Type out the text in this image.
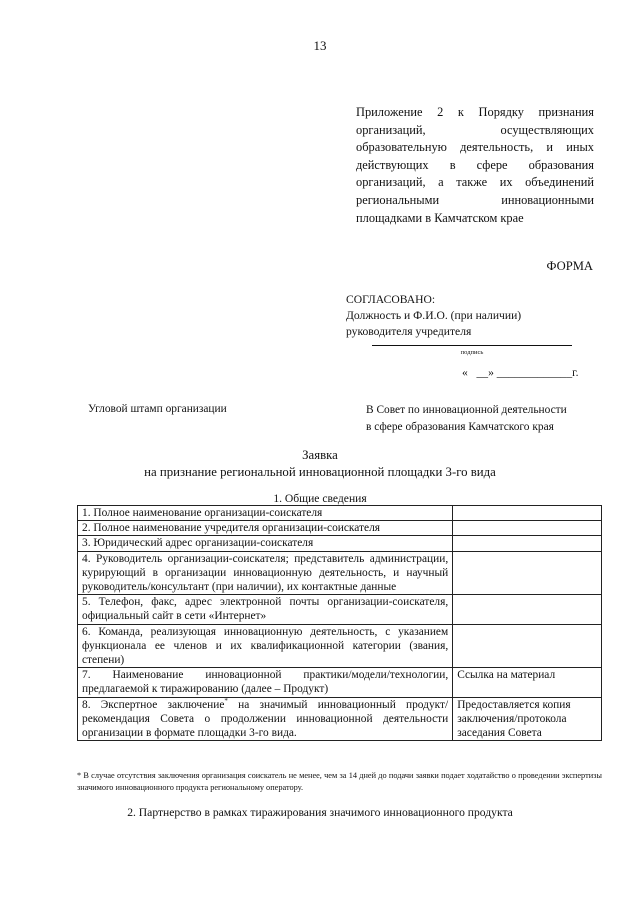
13
Приложение 2 к Порядку признания организаций, осуществляющих образовательную деятельность, и иных действующих в сфере образования организаций, а также их объединений региональными инновационными площадками в Камчатском крае
ФОРМА
СОГЛАСОВАНО:
Должность и Ф.И.О. (при наличии)
руководителя учредителя
подпись
«   __» _____________г.
Угловой штамп организации	В Совет по инновационной деятельности
в сфере образования Камчатского края
Заявка
на признание региональной инновационной площадки 3-го вида
1. Общие сведения
1. Полное наименование организации-соискателя	
2. Полное наименование учредителя организации-соискателя	
3. Юридический адрес организации-соискателя	
4. Руководитель организации-соискателя; представитель администрации, курирующий в организации инновационную деятельность, и научный руководитель/консультант (при наличии), их контактные данные	
5. Телефон, факс, адрес электронной почты организации-соискателя, официальный сайт в сети «Интернет»	
6. Команда, реализующая инновационную деятельность, с указанием функционала ее членов и их квалификационной категории (звания, степени)	
7. Наименование инновационной практики/модели/технологии, предлагаемой к тиражированию (далее – Продукт)	Ссылка на материал
8. Экспертное заключение* на значимый инновационный продукт/рекомендация Совета о продолжении инновационной деятельности организации в формате площадки 3-го вида.	Предоставляется копия заключения/протокола заседания Совета
* В случае отсутствия заключения организация соискатель не менее, чем за 14 дней до подачи заявки подает ходатайство о проведении экспертизы значимого инновационного продукта региональному оператору.
2. Партнерство в рамках тиражирования значимого инновационного продукта
